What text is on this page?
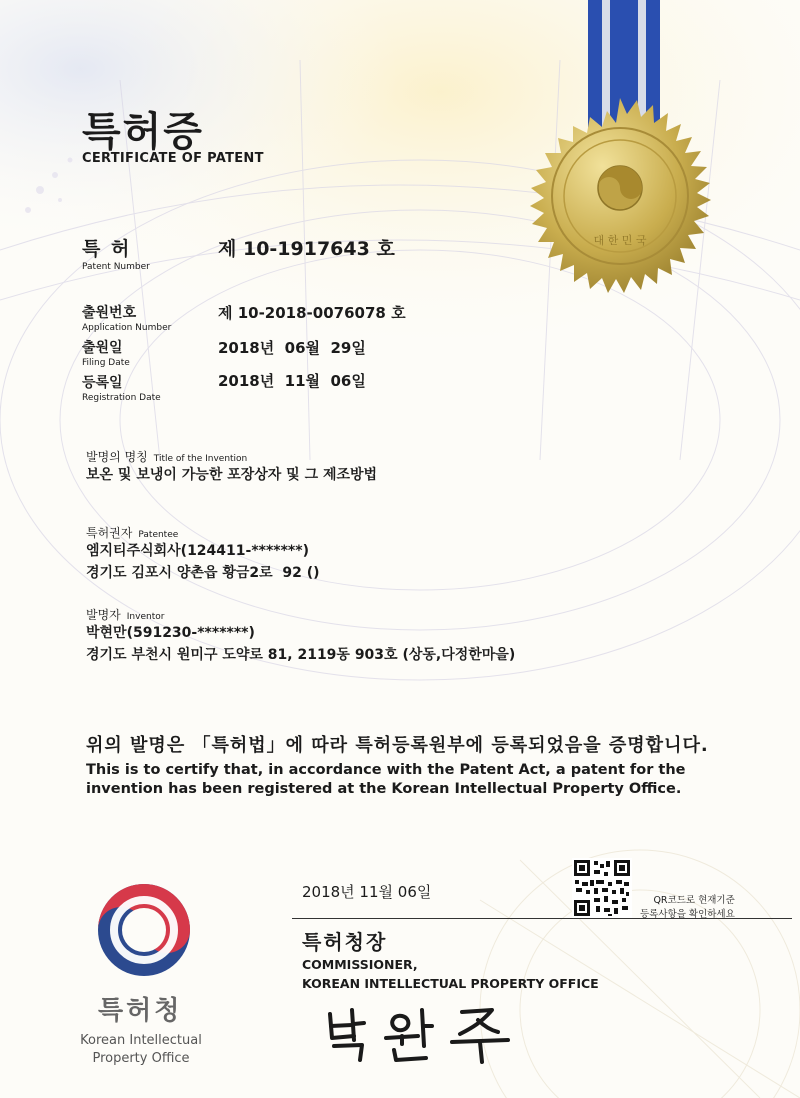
대 한 민 국
특허증
CERTIFICATE OF PATENT
특 허
Patent Number
제 10-1917643 호
출원번호
Application Number
제 10-2018-0076078 호
출원일
Filing Date
2018년  06월  29일
등록일
Registration Date
2018년  11월  06일
발명의 명칭 Title of the Invention
보온 및 보냉이 가능한 포장상자 및 그 제조방법
특허권자 Patentee
엠지티주식회사(124411-*******)
경기도 김포시 양촌읍 황금2로  92 ()
발명자 Inventor
박현만(591230-*******)
경기도 부천시 원미구 도약로 81, 2119동 903호 (상동,다정한마을)
위의 발명은 「특허법」에 따라 특허등록원부에 등록되었음을 증명합니다.
This is to certify that, in accordance with the Patent Act, a patent for the invention has been registered at the Korean Intellectual Property Office.
QR코드로 현재기준
등록사항을 확인하세요
2018년 11월 06일
특허청장
COMMISSIONER,
KOREAN INTELLECTUAL PROPERTY OFFICE
특허청
Korean Intellectual Property Office
